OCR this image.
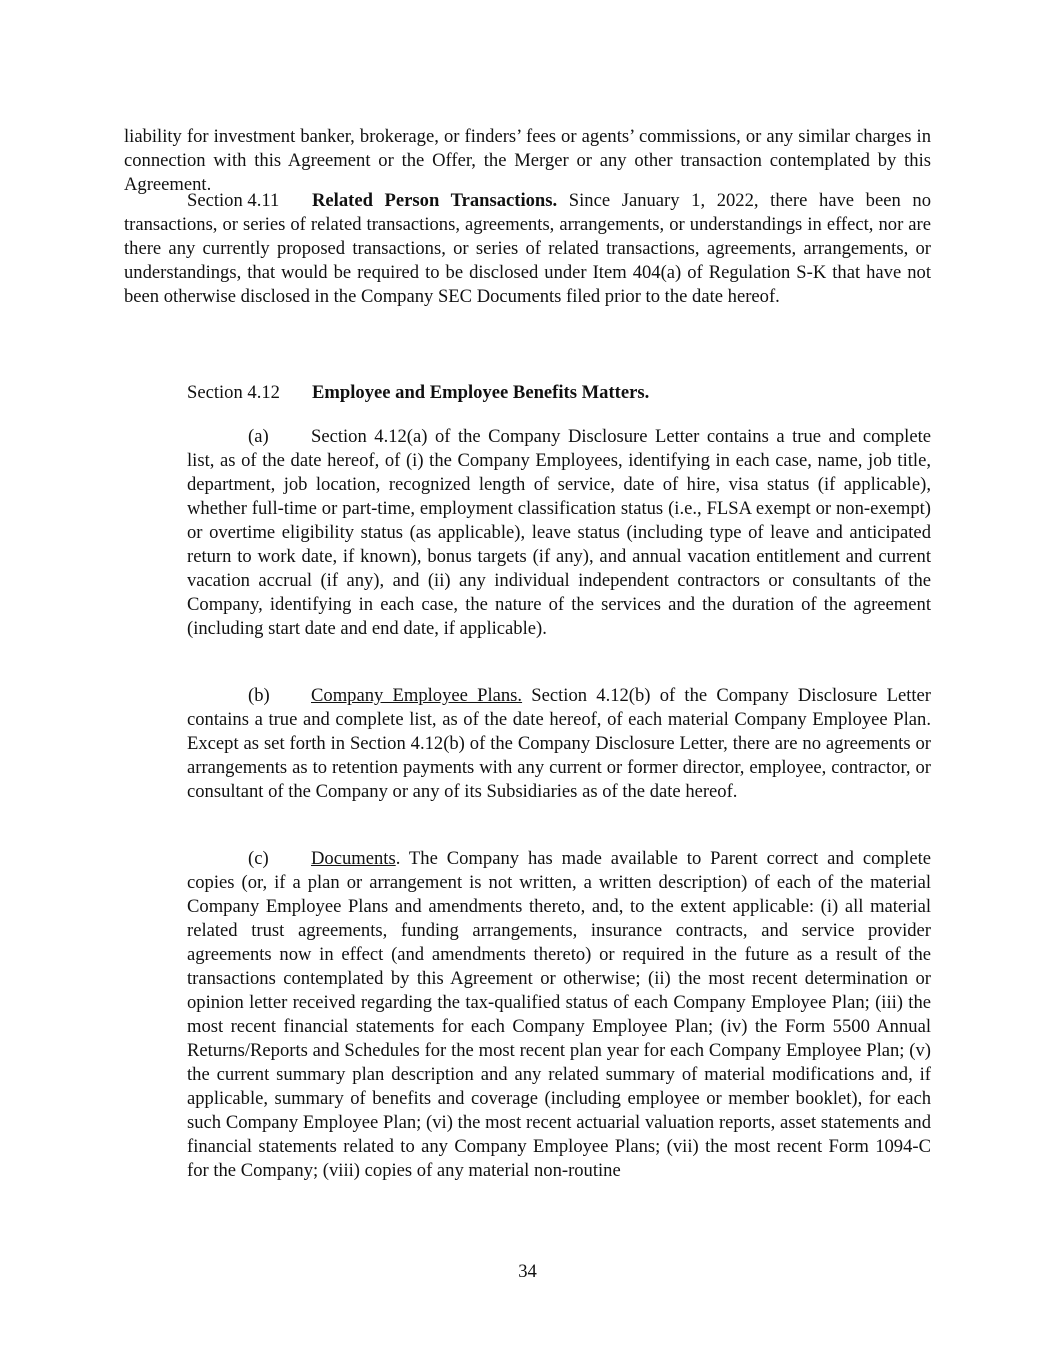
liability for investment banker, brokerage, or finders’ fees or agents’ commissions, or any similar charges in connection with this Agreement or the Offer, the Merger or any other transaction contemplated by this Agreement.

Section 4.11 Related Person Transactions. Since January 1, 2022, there have been no transactions, or series of related transactions, agreements, arrangements, or understandings in effect, nor are there any currently proposed transactions, or series of related transactions, agreements, arrangements, or understandings, that would be required to be disclosed under Item 404(a) of Regulation S-K that have not been otherwise disclosed in the Company SEC Documents filed prior to the date hereof.

Section 4.12 Employee and Employee Benefits Matters.

(a) Section 4.12(a) of the Company Disclosure Letter contains a true and complete list, as of the date hereof, of (i) the Company Employees, identifying in each case, name, job title, department, job location, recognized length of service, date of hire, visa status (if applicable), whether full-time or part-time, employment classification status (i.e., FLSA exempt or non-exempt) or overtime eligibility status (as applicable), leave status (including type of leave and anticipated return to work date, if known), bonus targets (if any), and annual vacation entitlement and current vacation accrual (if any), and (ii) any individual independent contractors or consultants of the Company, identifying in each case, the nature of the services and the duration of the agreement (including start date and end date, if applicable).

(b) Company Employee Plans. Section 4.12(b) of the Company Disclosure Letter contains a true and complete list, as of the date hereof, of each material Company Employee Plan. Except as set forth in Section 4.12(b) of the Company Disclosure Letter, there are no agreements or arrangements as to retention payments with any current or former director, employee, contractor, or consultant of the Company or any of its Subsidiaries as of the date hereof.

(c) Documents. The Company has made available to Parent correct and complete copies (or, if a plan or arrangement is not written, a written description) of each of the material Company Employee Plans and amendments thereto, and, to the extent applicable: (i) all material related trust agreements, funding arrangements, insurance contracts, and service provider agreements now in effect (and amendments thereto) or required in the future as a result of the transactions contemplated by this Agreement or otherwise; (ii) the most recent determination or opinion letter received regarding the tax-qualified status of each Company Employee Plan; (iii) the most recent financial statements for each Company Employee Plan; (iv) the Form 5500 Annual Returns/Reports and Schedules for the most recent plan year for each Company Employee Plan; (v) the current summary plan description and any related summary of material modifications and, if applicable, summary of benefits and coverage (including employee or member booklet), for each such Company Employee Plan; (vi) the most recent actuarial valuation reports, asset statements and financial statements related to any Company Employee Plans; (vii) the most recent Form 1094-C for the Company; (viii) copies of any material non-routine

34
